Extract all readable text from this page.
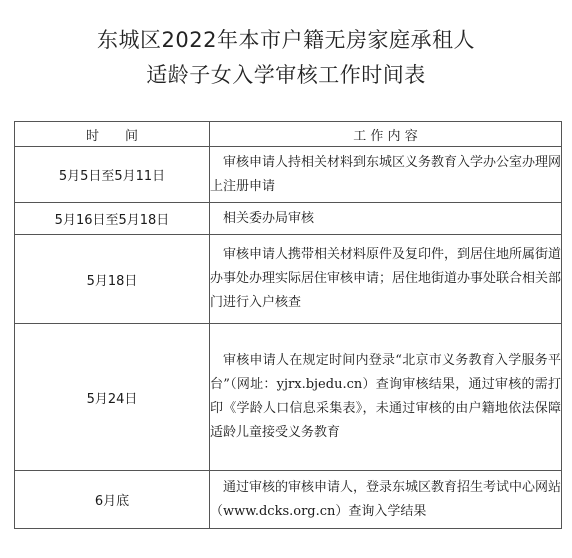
东城区2022年本市户籍无房家庭承租人
适龄子女入学审核工作时间表
时　　间	工 作 内 容
5月5日至5月11日	审核申请人持相关材料到东城区义务教育入学办公室办理网上注册申请
5月16日至5月18日	相关委办局审核
5月18日	审核申请人携带相关材料原件及复印件，到居住地所属街道办事处办理实际居住审核申请；居住地街道办事处联合相关部门进行入户核查
5月24日	审核申请人在规定时间内登录“北京市义务教育入学服务平台”（网址：yjrx.bjedu.cn）查询审核结果，通过审核的需打印《学龄人口信息采集表》，未通过审核的由户籍地依法保障适龄儿童接受义务教育
6月底	通过审核的审核申请人，登录东城区教育招生考试中心网站（www.dcks.org.cn）查询入学结果
